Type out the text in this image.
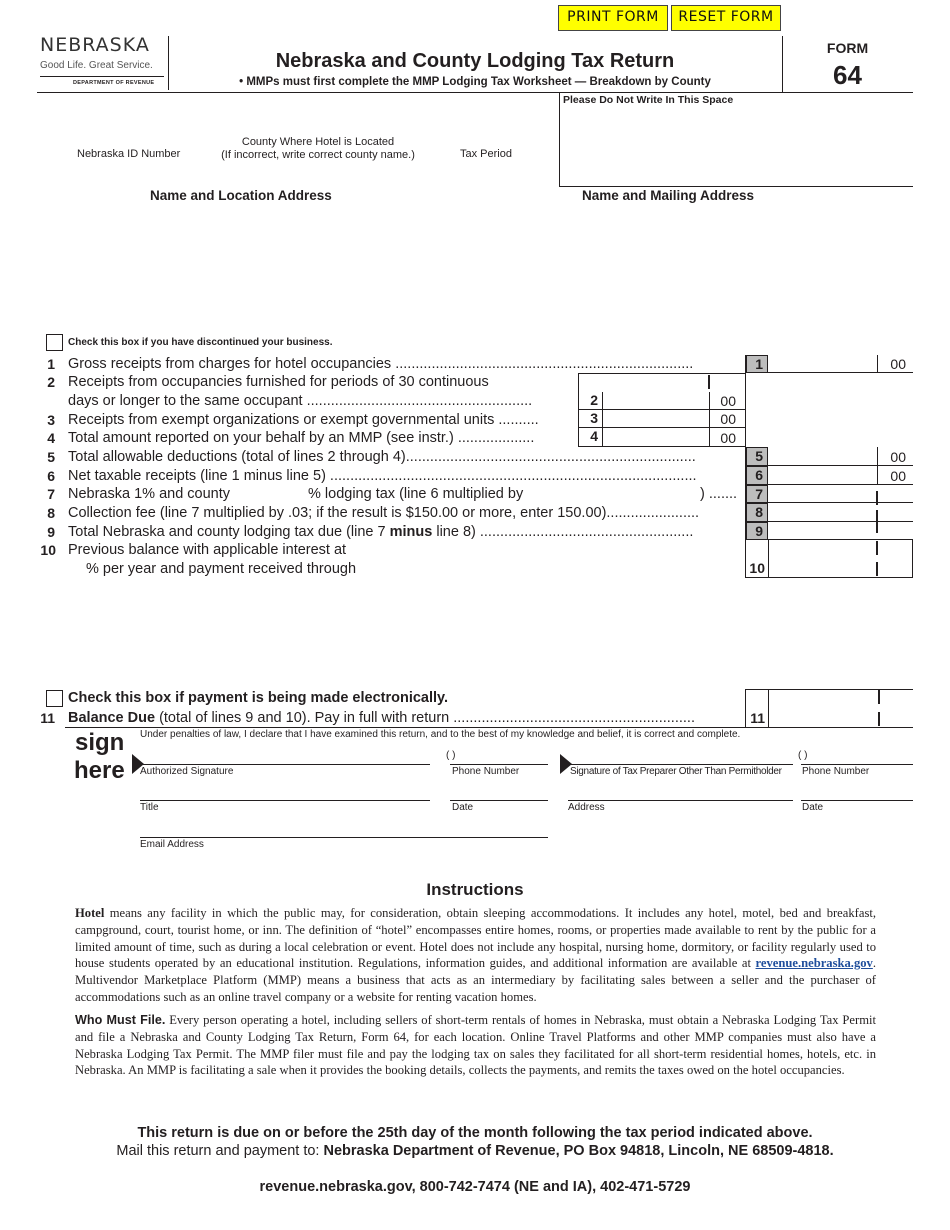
PRINT FORM	RESET FORM
NEBRASKA
Good Life. Great Service.
DEPARTMENT OF REVENUE
Nebraska and County Lodging Tax Return
• MMPs must first complete the MMP Lodging Tax Worksheet — Breakdown by County
FORM
64
Please Do Not Write In This Space
Nebraska ID Number
County Where Hotel is Located
(If incorrect, write correct county name.)	Tax Period
Name and Location Address	Name and Mailing Address
Check this box if you have discontinued your business.
1 Gross receipts from charges for hotel occupancies ..........................................................................	1	00
2 Receipts from occupancies furnished for periods of 30 continuous
days or longer to the same occupant ........................................................	2	00
3 Receipts from exempt organizations or exempt governmental units ..........	3	00
4 Total amount reported on your behalf by an MMP (see instr.) ...................	4	00
5 Total allowable deductions (total of lines 2 through 4)........................................................................	5	00
6 Net taxable receipts (line 1 minus line 5) ...........................................................................................	6	00
7 Nebraska 1% and county	% lodging tax (line 6 multiplied by	) .......	7
8 Collection fee (line 7 multiplied by .03; if the result is $150.00 or more, enter 150.00).......................	8
9 Total Nebraska and county lodging tax due (line 7 minus line 8) .....................................................	9
10 Previous balance with applicable interest at
% per year and payment received through	10
Check this box if payment is being made electronically.
11 Balance Due (total of lines 9 and 10). Pay in full with return ............................................................	11
sign
here
Under penalties of law, I declare that I have examined this return, and to the best of my knowledge and belief, it is correct and complete.
Authorized Signature
( )
Phone Number	Signature of Tax Preparer Other Than Permitholder
( )
Phone Number
Title	Date	Address	Date
Email Address
Instructions
Hotel means any facility in which the public may, for consideration, obtain sleeping accommodations. It includes any hotel, motel, bed and breakfast, campground, court, tourist home, or inn. The definition of “hotel” encompasses entire homes, rooms, or properties made available to rent by the public for a limited amount of time, such as during a local celebration or event. Hotel does not include any hospital, nursing home, dormitory, or facility regularly used to house students operated by an educational institution. Regulations, information guides, and additional information are available at revenue.nebraska.gov. Multivendor Marketplace Platform (MMP) means a business that acts as an intermediary by facilitating sales between a seller and the purchaser of accommodations such as an online travel company or a website for renting vacation homes.
Who Must File. Every person operating a hotel, including sellers of short-term rentals of homes in Nebraska, must obtain a Nebraska Lodging Tax Permit and file a Nebraska and County Lodging Tax Return, Form 64, for each location. Online Travel Platforms and other MMP companies must also have a Nebraska Lodging Tax Permit. The MMP filer must file and pay the lodging tax on sales they facilitated for all short-term residential homes, hotels, etc. in Nebraska. An MMP is facilitating a sale when it provides the booking details, collects the payments, and remits the taxes owed on the hotel occupancies.
This return is due on or before the 25th day of the month following the tax period indicated above.
Mail this return and payment to: Nebraska Department of Revenue, PO Box 94818, Lincoln, NE 68509-4818.
revenue.nebraska.gov, 800-742-7474 (NE and IA), 402-471-5729
